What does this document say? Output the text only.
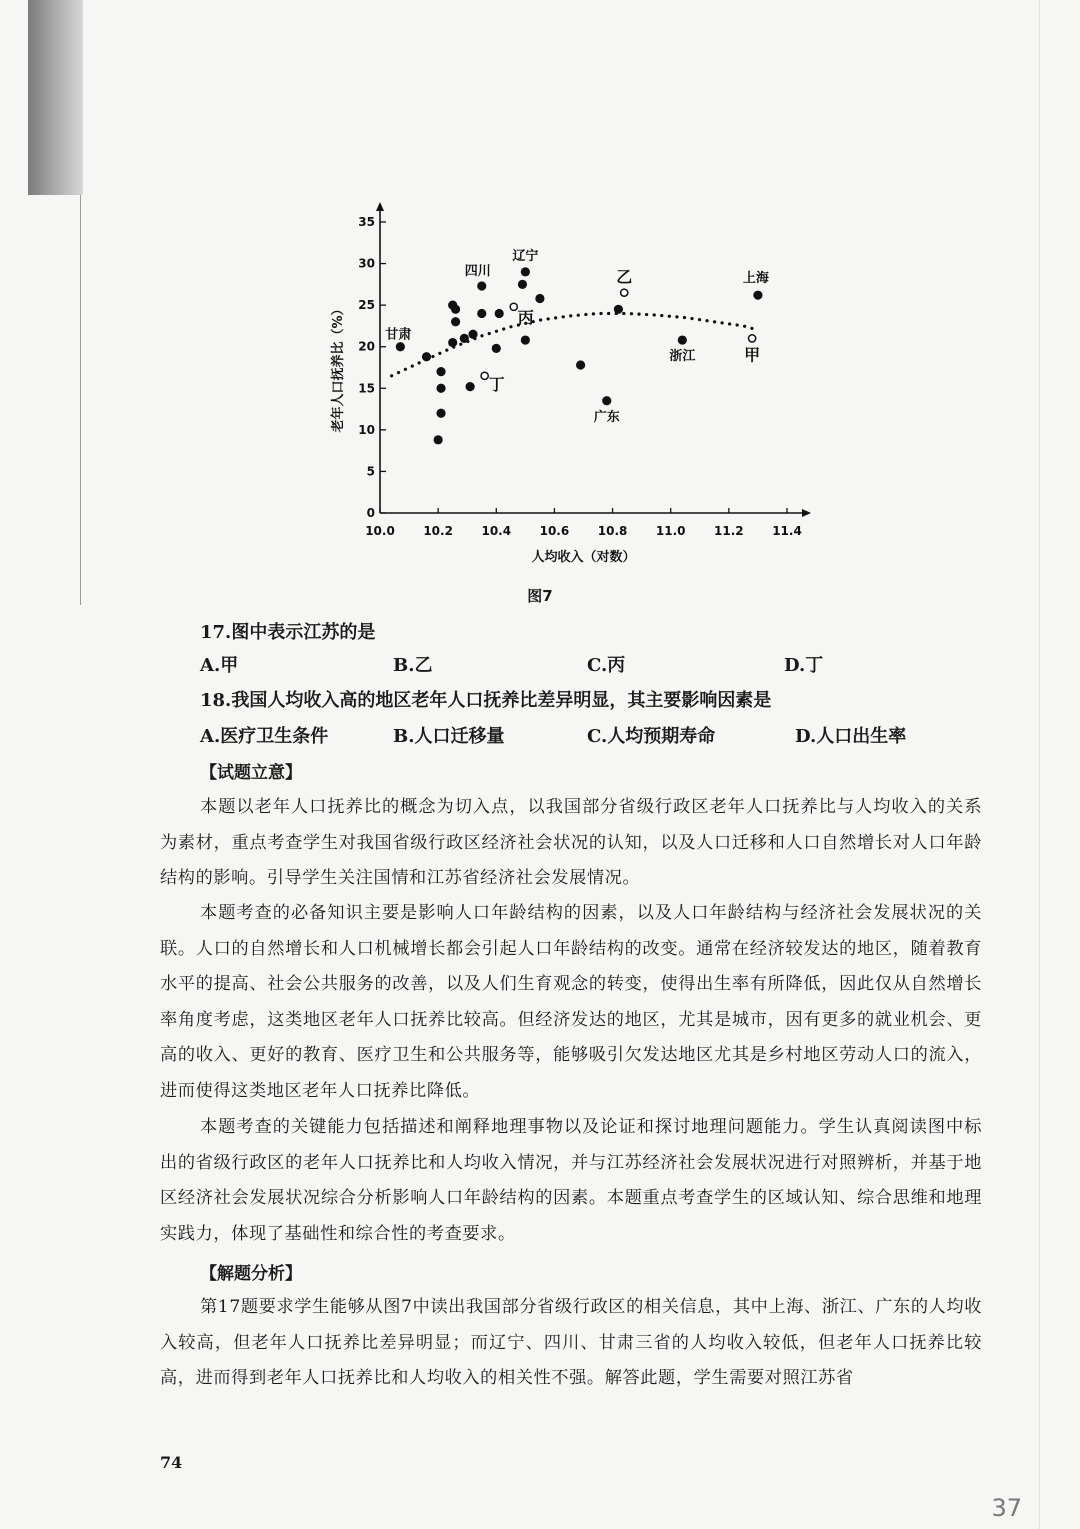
10.0 10.2 10.4 10.6 10.8 11.0 11.2 11.4
0
5
10
15
20
25
30
35
人均收入（对数）
老年人口抚养比（%）	甘肃
四川
辽宁
广东
浙江
上海
甲
乙
丙
丁
图7
17.图中表示江苏的是
A.甲	B.乙	C.丙	D.丁
18.我国人均收入高的地区老年人口抚养比差异明显，其主要影响因素是
A.医疗卫生条件	B.人口迁移量	C.人均预期寿命	D.人口出生率
【试题立意】
本题以老年人口抚养比的概念为切入点，以我国部分省级行政区老年人口抚养比与人均收入的关系为素材，重点考查学生对我国省级行政区经济社会状况的认知，以及人口迁移和人口自然增长对人口年龄结构的影响。引导学生关注国情和江苏省经济社会发展情况。
本题考查的必备知识主要是影响人口年龄结构的因素，以及人口年龄结构与经济社会发展状况的关联。人口的自然增长和人口机械增长都会引起人口年龄结构的改变。通常在经济较发达的地区，随着教育水平的提高、社会公共服务的改善，以及人们生育观念的转变，使得出生率有所降低，因此仅从自然增长率角度考虑，这类地区老年人口抚养比较高。但经济发达的地区，尤其是城市，因有更多的就业机会、更高的收入、更好的教育、医疗卫生和公共服务等，能够吸引欠发达地区尤其是乡村地区劳动人口的流入，进而使得这类地区老年人口抚养比降低。
本题考查的关键能力包括描述和阐释地理事物以及论证和探讨地理问题能力。学生认真阅读图中标出的省级行政区的老年人口抚养比和人均收入情况，并与江苏经济社会发展状况进行对照辨析，并基于地区经济社会发展状况综合分析影响人口年龄结构的因素。本题重点考查学生的区域认知、综合思维和地理实践力，体现了基础性和综合性的考查要求。
【解题分析】
第17题要求学生能够从图7中读出我国部分省级行政区的相关信息，其中上海、浙江、广东的人均收入较高，但老年人口抚养比差异明显；而辽宁、四川、甘肃三省的人均收入较低，但老年人口抚养比较高，进而得到老年人口抚养比和人均收入的相关性不强。解答此题，学生需要对照江苏省
74
37
